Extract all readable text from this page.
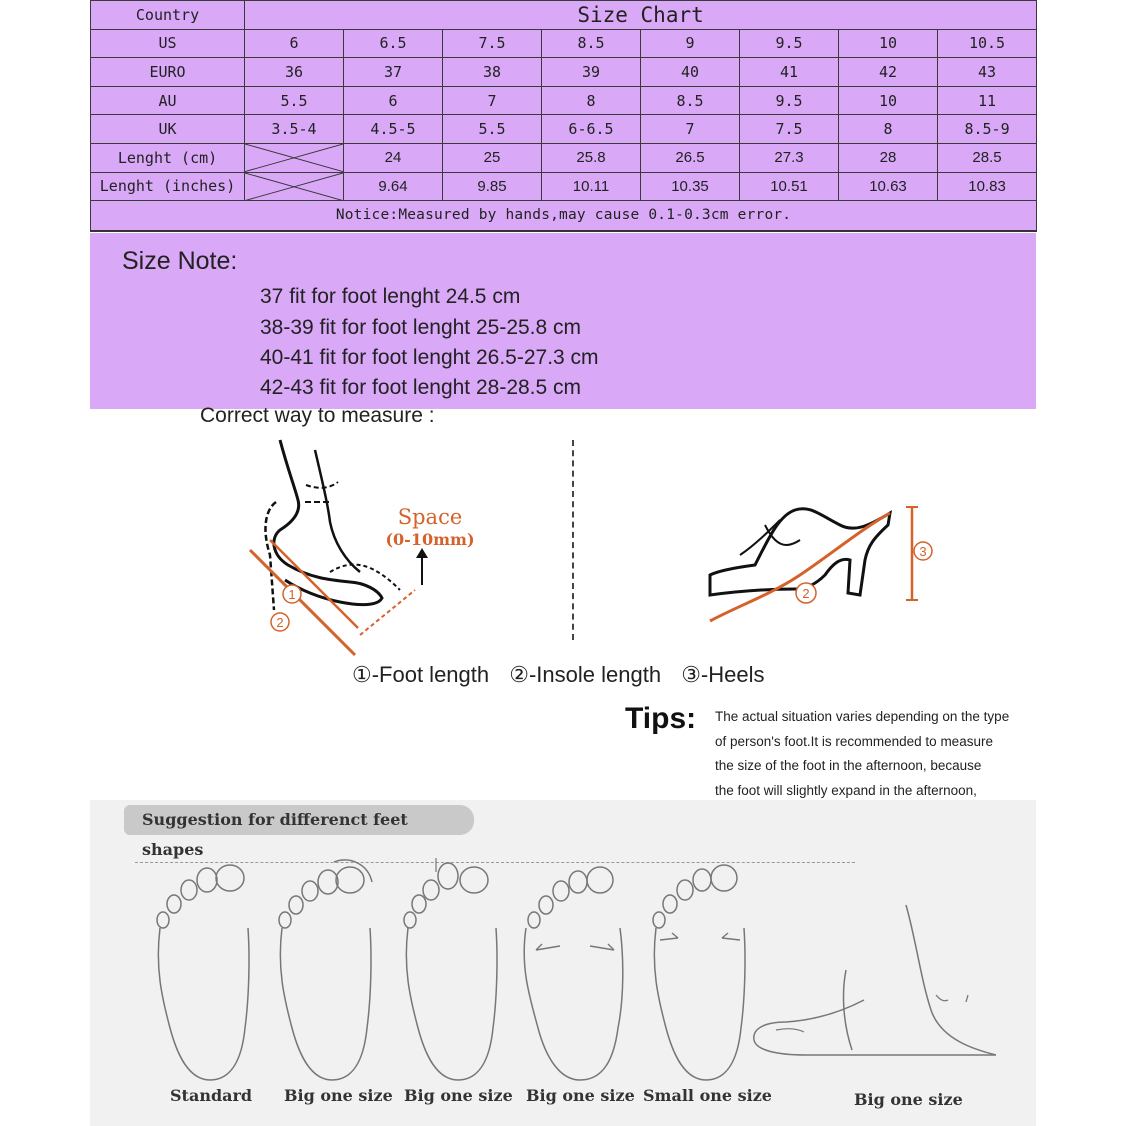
Country	Size Chart							
US	6	6.5	7.5	8.5	9	9.5	10	10.5
EURO	36	37	38	39	40	41	42	43
AU	5.5	6	7	8	8.5	9.5	10	11
UK	3.5-4	4.5-5	5.5	6-6.5	7	7.5	8	8.5-9
Lenght (cm)		24	25	25.8	26.5	27.3	28	28.5
Lenght (inches)		9.64	9.85	10.11	10.35	10.51	10.63	10.83
Notice:Measured by hands,may cause 0.1-0.3cm error.								
Size Note:
37 fit for foot lenght 24.5 cm
38-39 fit for foot lenght 25-25.8 cm
40-41 fit for foot lenght 26.5-27.3 cm
42-43 fit for foot lenght 28-28.5 cm
Correct way to measure :
1
2
Space
(0-10mm)
2
3
①-Foot length ②-Insole length ③-Heels
Tips: The actual situation varies depending on the type
of person's foot.It is recommended to measure
the size of the foot in the afternoon, because
the foot will slightly expand in the afternoon,
Suggestion for differenct feet shapes
Standard Big one size Big one size Big one size Small one size	Big one size
